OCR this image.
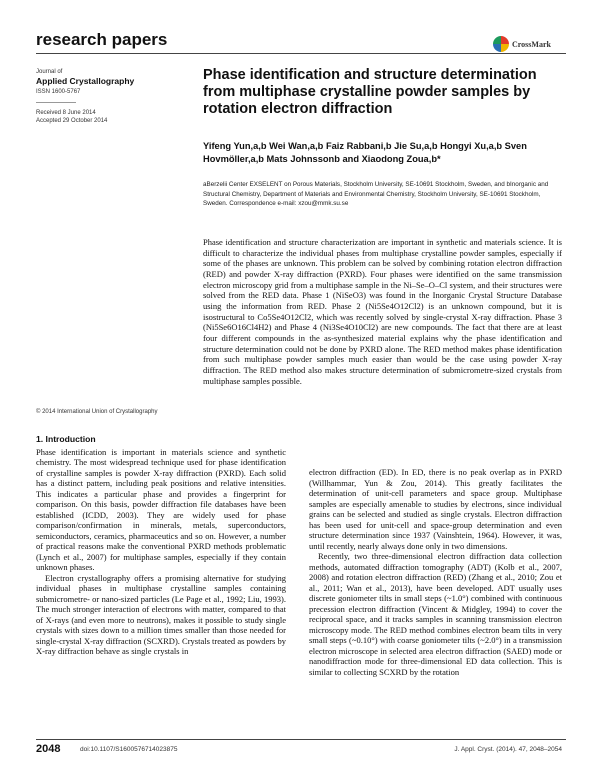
research papers	CrossMark
Journal of
Applied Crystallography
ISSN 1600-5767
Received 8 June 2014
Accepted 29 October 2014
Phase identification and structure determination from multiphase crystalline powder samples by rotation electron diffraction
Yifeng Yun,a,b Wei Wan,a,b Faiz Rabbani,b Jie Su,a,b Hongyi Xu,a,b Sven Hovmöller,a,b Mats Johnssonb and Xiaodong Zoua,b*
aBerzelii Center EXSELENT on Porous Materials, Stockholm University, SE-10691 Stockholm, Sweden, and bInorganic and Structural Chemistry, Department of Materials and Environmental Chemistry, Stockholm University, SE-10691 Stockholm, Sweden. Correspondence e-mail: xzou@mmk.su.se
Phase identification and structure characterization are important in synthetic and materials science. It is difficult to characterize the individual phases from multiphase crystalline powder samples, especially if some of the phases are unknown. This problem can be solved by combining rotation electron diffraction (RED) and powder X-ray diffraction (PXRD). Four phases were identified on the same transmission electron microscopy grid from a multiphase sample in the Ni–Se–O–Cl system, and their structures were solved from the RED data. Phase 1 (NiSeO3) was found in the Inorganic Crystal Structure Database using the information from RED. Phase 2 (Ni5Se4O12Cl2) is an unknown compound, but it is isostructural to Co5Se4O12Cl2, which was recently solved by single-crystal X-ray diffraction. Phase 3 (Ni5Se6O16Cl4H2) and Phase 4 (Ni3Se4O10Cl2) are new compounds. The fact that there are at least four different compounds in the as-synthesized material explains why the phase identification and structure determination could not be done by PXRD alone. The RED method makes phase identification from such multiphase powder samples much easier than would be the case using powder X-ray diffraction. The RED method also makes structure determination of submicrometre-sized crystals from multiphase samples possible.
© 2014 International Union of Crystallography
1. Introduction

Phase identification is important in materials science and synthetic chemistry. The most widespread technique used for phase identification of crystalline samples is powder X-ray diffraction (PXRD). Each solid has a distinct pattern, including peak positions and relative intensities. This indicates a particular phase and provides a fingerprint for comparison. On this basis, powder diffraction file databases have been established (ICDD, 2003). They are widely used for phase comparison/confirmation in minerals, metals, superconductors, semiconductors, ceramics, pharmaceutics and so on. However, a number of practical reasons make the conventional PXRD methods problematic (Lynch et al., 2007) for multiphase samples, especially if they contain unknown phases.

Electron crystallography offers a promising alternative for studying individual phases in multiphase crystalline samples containing submicrometre- or nano-sized particles (Le Page et al., 1992; Liu, 1993). The much stronger interaction of electrons with matter, compared to that of X-rays (and even more to neutrons), makes it possible to study single crystals with sizes down to a million times smaller than those needed for single-crystal X-ray diffraction (SCXRD). Crystals treated as powders by X-ray diffraction behave as single crystals in

electron diffraction (ED). In ED, there is no peak overlap as in PXRD (Willhammar, Yun & Zou, 2014). This greatly facilitates the determination of unit-cell parameters and space group. Multiphase samples are especially amenable to studies by electrons, since individual grains can be selected and studied as single crystals. Electron diffraction has been used for unit-cell and space-group determination and even structure determination since 1937 (Vainshtein, 1964). However, it was, until recently, nearly always done only in two dimensions.

Recently, two three-dimensional electron diffraction data collection methods, automated diffraction tomography (ADT) (Kolb et al., 2007, 2008) and rotation electron diffraction (RED) (Zhang et al., 2010; Zou et al., 2011; Wan et al., 2013), have been developed. ADT usually uses discrete goniometer tilts in small steps (~1.0°) combined with continuous precession electron diffraction (Vincent & Midgley, 1994) to cover the reciprocal space, and it tracks samples in scanning transmission electron microscopy mode. The RED method combines electron beam tilts in very small steps (~0.10°) with coarse goniometer tilts (~2.0°) in a transmission electron microscope in selected area electron diffraction (SAED) mode or nanodiffraction mode for three-dimensional ED data collection. This is similar to collecting SCXRD by the rotation

2048	doi:10.1107/S1600576714023875	J. Appl. Cryst. (2014). 47, 2048–2054
